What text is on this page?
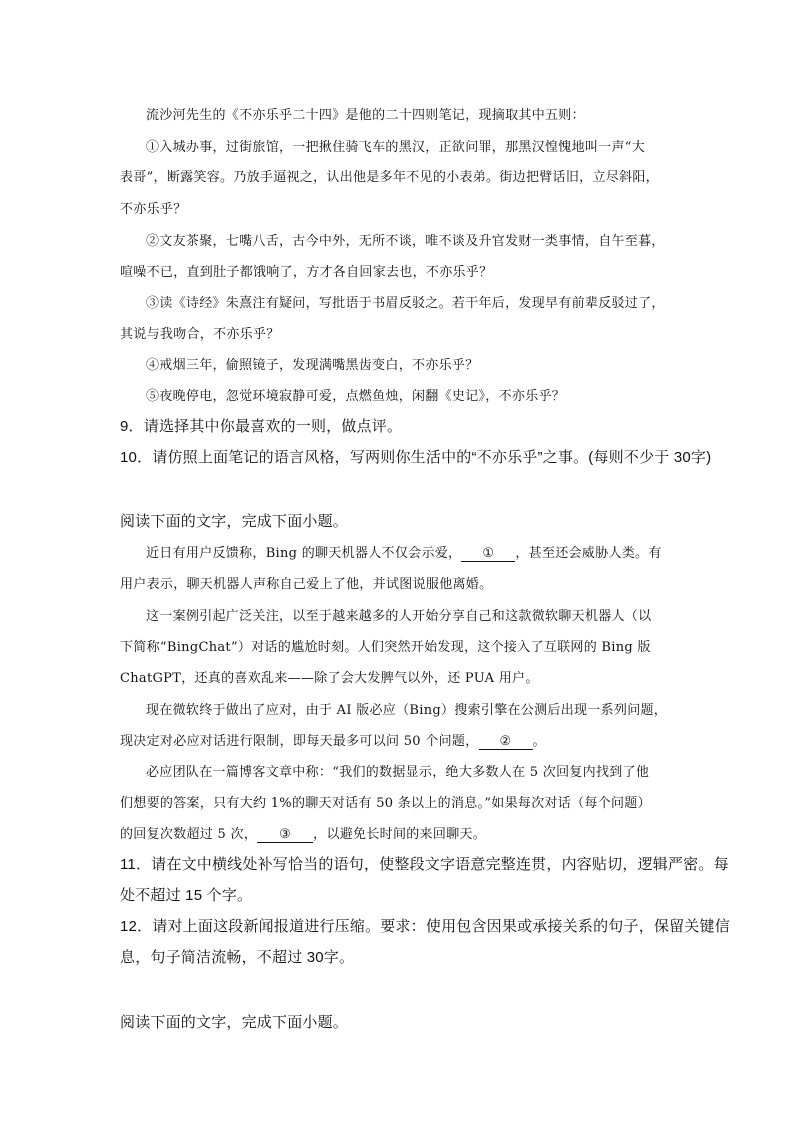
流沙河先生的《不亦乐乎二十四》是他的二十四则笔记，现摘取其中五则：
①入城办事，过街旅馆，一把揪住骑飞车的黑汉，正欲问罪，那黑汉惶愧地叫一声“大
表哥”，断露笑容。乃放手逼视之，认出他是多年不见的小表弟。街边把臂话旧，立尽斜阳，
不亦乐乎？
②文友茶聚，七嘴八舌，古今中外，无所不谈，唯不谈及升官发财一类事情，自午至暮，
喧噪不已，直到肚子都饿响了，方才各自回家去也，不亦乐乎？
③读《诗经》朱熹注有疑问，写批语于书眉反驳之。若干年后，发现早有前辈反驳过了，
其说与我吻合，不亦乐乎？
④戒烟三年，偷照镜子，发现满嘴黑齿变白，不亦乐乎？
⑤夜晚停电，忽觉环境寂静可爱，点燃鱼烛，闲翻《史记》，不亦乐乎？
9．请选择其中你最喜欢的一则，做点评。
10．请仿照上面笔记的语言风格，写两则你生活中的“不亦乐乎”之事。(每则不少于 30字)
阅读下面的文字，完成下面小题。
近日有用户反馈称，Bing 的聊天机器人不仅会示爱， ① ，甚至还会威胁人类。有
用户表示，聊天机器人声称自己爱上了他，并试图说服他离婚。
这一案例引起广泛关注，以至于越来越多的人开始分享自己和这款微软聊天机器人（以
下简称“BingChat”）对话的尴尬时刻。人们突然开始发现，这个接入了互联网的 Bing 版
ChatGPT，还真的喜欢乱来——除了会大发脾气以外，还 PUA 用户。
现在微软终于做出了应对，由于 AI 版必应（Bing）搜索引擎在公测后出现一系列问题，
现决定对必应对话进行限制，即每天最多可以问 50 个问题， ② 。
必应团队在一篇博客文章中称：“我们的数据显示，绝大多数人在 5 次回复内找到了他
们想要的答案，只有大约 1%的聊天对话有 50 条以上的消息。”如果每次对话（每个问题）
的回复次数超过 5 次， ③ ，以避免长时间的来回聊天。
11．请在文中横线处补写恰当的语句，使整段文字语意完整连贯，内容贴切，逻辑严密。每
处不超过 15 个字。
12．请对上面这段新闻报道进行压缩。要求：使用包含因果或承接关系的句子，保留关键信
息，句子简洁流畅，不超过 30字。
阅读下面的文字，完成下面小题。
